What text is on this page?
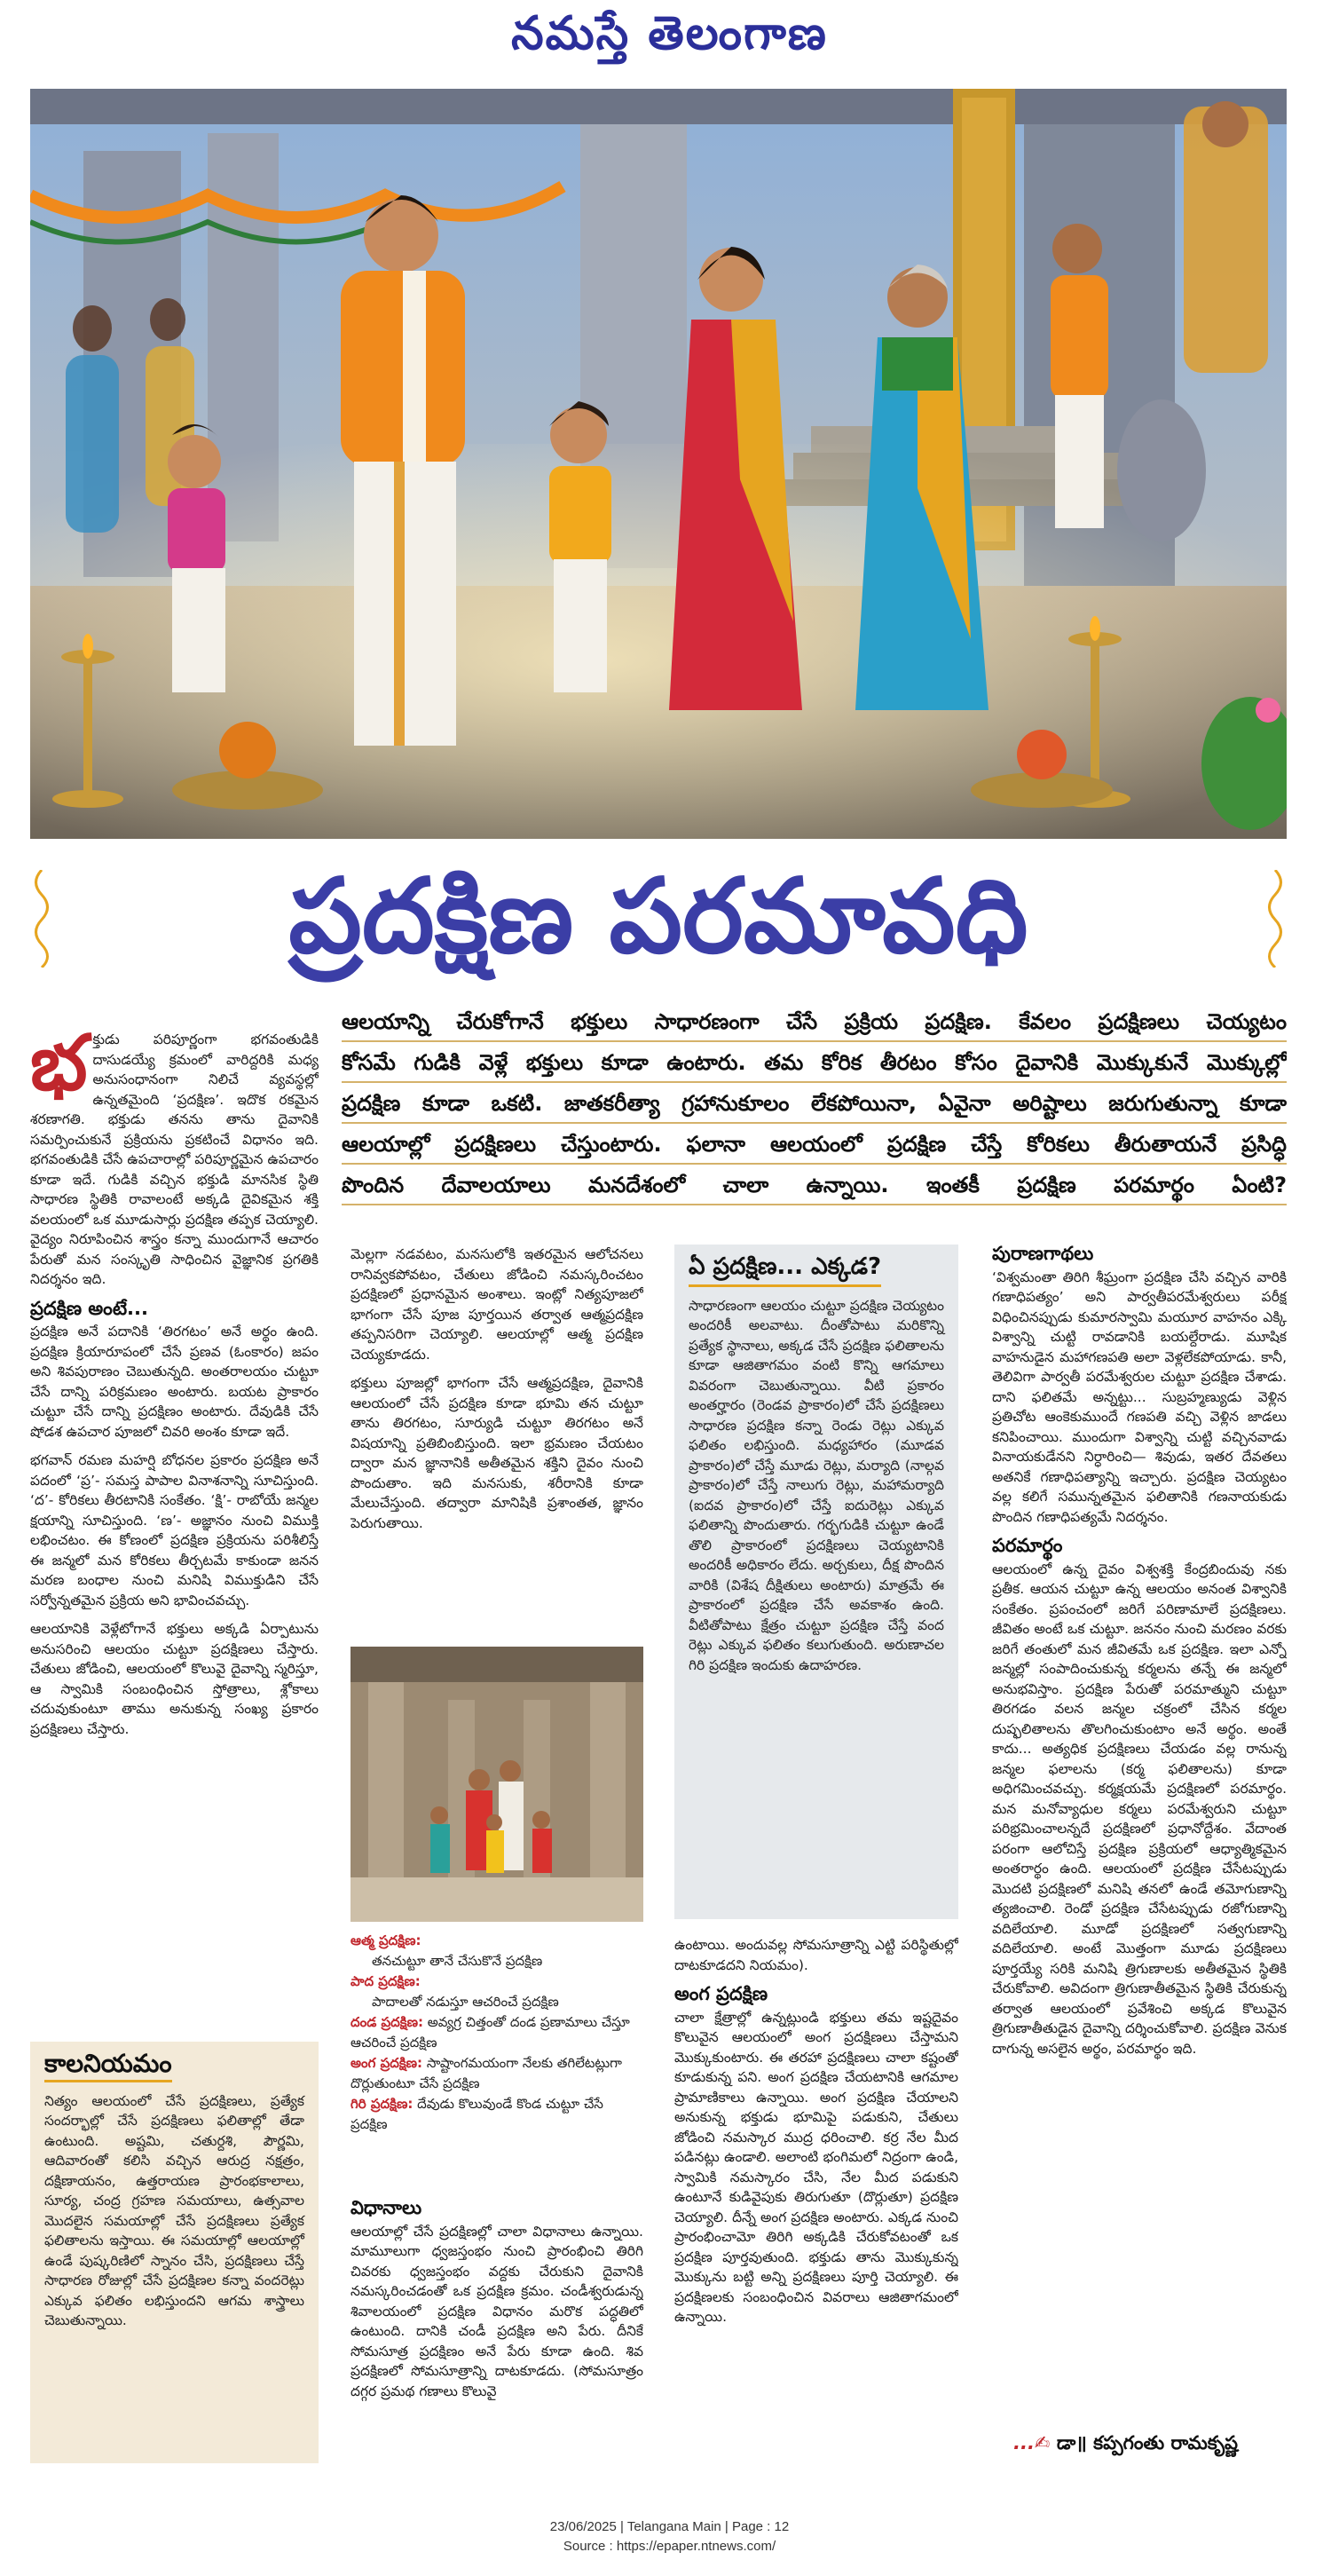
నమస్తే తెలంగాణ
ప్రదక్షిణ పరమావధి
ఆలయాన్ని చేరుకోగానే భక్తులు సాధారణంగా చేసే ప్రక్రియ ప్రదక్షిణ. కేవలం ప్రదక్షిణలు చెయ్యటం
కోసమే గుడికి వెళ్లే భక్తులు కూడా ఉంటారు. తమ కోరిక తీరటం కోసం దైవానికి మొక్కుకునే మొక్కుల్లో
ప్రదక్షిణ కూడా ఒకటి. జాతకరీత్యా గ్రహానుకూలం లేకపోయినా, ఏవైనా అరిష్టాలు జరుగుతున్నా కూడా
ఆలయాల్లో ప్రదక్షిణలు చేస్తుంటారు. ఫలానా ఆలయంలో ప్రదక్షిణ చేస్తే కోరికలు తీరుతాయనే ప్రసిద్ధి
పొందిన దేవాలయాలు మనదేశంలో చాలా ఉన్నాయి. ఇంతకీ ప్రదక్షిణ పరమార్థం ఏంటి?

భ క్తుడు పరిపూర్ణంగా భగవంతుడికి దాసుడయ్యే క్రమంలో వారిద్దరికి మధ్య అనుసంధానంగా నిలిచే వ్యవస్థల్లో ఉన్నతమైంది ‘ప్రదక్షిణ’. ఇదొక రకమైన శరణాగతి. భక్తుడు తనను తాను దైవానికి సమర్పించుకునే ప్రక్రియను ప్రకటించే విధానం ఇది. భగవంతుడికి చేసే ఉపచారాల్లో పరిపూర్ణమైన ఉపచారం కూడా ఇదే. గుడికి వచ్చిన భక్తుడి మానసిక స్థితి సాధారణ స్థితికి రావాలంటే అక్కడి దైవికమైన శక్తి వలయంలో ఒక మూడుసార్లు ప్రదక్షిణ తప్పక చెయ్యాలి. వైద్యం నిరూపించిన శాస్త్రం కన్నా ముందుగానే ఆచారం పేరుతో మన సంస్కృతి సాధించిన వైజ్ఞానిక ప్రగతికి నిదర్శనం ఇది.

ప్రదక్షిణ అంటే...

ప్రదక్షిణ అనే పదానికి ‘తిరగటం’ అనే అర్థం ఉంది. ప్రదక్షిణ క్రియారూపంలో చేసే ప్రణవ (ఓంకారం) జపం అని శివపురాణం చెబుతున్నది. అంతరాలయం చుట్టూ చేసే దాన్ని పరిక్రమణం అంటారు. బయట ప్రాకారం చుట్టూ చేసే దాన్ని ప్రదక్షిణం అంటారు. దేవుడికి చేసే షోడశ ఉపచార పూజలో చివరి అంశం కూడా ఇదే.

భగవాన్ రమణ మహర్షి బోధనల ప్రకారం ప్రదక్షిణ అనే పదంలో ‘ప్ర’- సమస్త పాపాల వినాశనాన్ని సూచిస్తుంది. ‘ద’- కోరికలు తీరటానికి సంకేతం. ‘క్షి’- రాబోయే జన్మల క్షయాన్ని సూచిస్తుంది. ‘ణ’- అజ్ఞానం నుంచి విముక్తి లభించటం. ఈ కోణంలో ప్రదక్షిణ ప్రక్రియను పరిశీలిస్తే ఈ జన్మలో మన కోరికలు తీర్చటమే కాకుండా జనన మరణ బంధాల నుంచి మనిషి విముక్తుడిని చేసే సర్వోన్నతమైన ప్రక్రియ అని భావించవచ్చు.

ఆలయానికి వెళ్లేటోగానే భక్తులు అక్కడి ఏర్పాటును అనుసరించి ఆలయం చుట్టూ ప్రదక్షిణలు చేస్తారు. చేతులు జోడించి, ఆలయంలో కొలువై దైవాన్ని స్మరిస్తూ, ఆ స్వామికి సంబంధించిన స్తోత్రాలు, శ్లోకాలు చదువుకుంటూ తాము అనుకున్న సంఖ్య ప్రకారం ప్రదక్షిణలు చేస్తారు.

కాలనియమం

నిత్యం ఆలయంలో చేసే ప్రదక్షిణలు, ప్రత్యేక సందర్భాల్లో చేసే ప్రదక్షిణలు ఫలితాల్లో తేడా ఉంటుంది. అష్టమి, చతుర్దశి, పౌర్ణమి, ఆదివారంతో కలిసి వచ్చిన ఆరుద్ర నక్షత్రం, దక్షిణాయనం, ఉత్తరాయణ ప్రారంభకాలాలు, సూర్య, చంద్ర గ్రహణ సమయాలు, ఉత్సవాల మొదలైన సమయాల్లో చేసే ప్రదక్షిణలు ప్రత్యేక ఫలితాలను ఇస్తాయి. ఈ సమయాల్లో ఆలయాల్లో ఉండే పుష్కరిణిలో స్నానం చేసి, ప్రదక్షిణలు చేస్తే సాధారణ రోజుల్లో చేసే ప్రదక్షిణల కన్నా వందరెట్లు ఎక్కువ ఫలితం లభిస్తుందని ఆగమ శాస్త్రాలు చెబుతున్నాయి.

మెల్లగా నడవటం, మనసులోకి ఇతరమైన ఆలోచనలు రానివ్వకపోవటం, చేతులు జోడించి నమస్కరించటం ప్రదక్షిణలో ప్రధానమైన అంశాలు. ఇంట్లో నిత్యపూజలో భాగంగా చేసే పూజ పూర్తయిన తర్వాత ఆత్మప్రదక్షిణ తప్పనిసరిగా చెయ్యాలి. ఆలయాల్లో ఆత్మ ప్రదక్షిణ చెయ్యకూడదు.

భక్తులు పూజల్లో భాగంగా చేసే ఆత్మప్రదక్షిణ, దైవానికి ఆలయంలో చేసే ప్రదక్షిణ కూడా భూమి తన చుట్టూ తాను తిరగటం, సూర్యుడి చుట్టూ తిరగటం అనే విషయాన్ని ప్రతిబింబిస్తుంది. ఇలా భ్రమణం చేయటం ద్వారా మన జ్ఞానానికి అతీతమైన శక్తిని దైవం నుంచి పొందుతాం. ఇది మనసుకు, శరీరానికి కూడా మేలుచేస్తుంది. తద్వారా మానిషికి ప్రశాంతత, జ్ఞానం పెరుగుతాయి.

ఆత్మ ప్రదక్షిణ:
తనచుట్టూ తానే చేసుకొనే ప్రదక్షిణ
పాద ప్రదక్షిణ:
పాదాలతో నడుస్తూ ఆచరించే ప్రదక్షిణ
దండ ప్రదక్షిణ: అవ్యగ్ర చిత్తంతో దండ ప్రణామాలు చేస్తూ ఆచరించే ప్రదక్షిణ
అంగ ప్రదక్షిణ: సాష్టాంగమయంగా నేలకు తగిలేటట్లుగా దొర్లుతుంటూ చేసే ప్రదక్షిణ
గిరి ప్రదక్షిణ: దేవుడు కొలువుండే కొండ చుట్టూ చేసే ప్రదక్షిణ
విధానాలు

ఆలయాల్లో చేసే ప్రదక్షిణల్లో చాలా విధానాలు ఉన్నాయి. మామూలుగా ధ్వజస్తంభం నుంచి ప్రారంభించి తిరిగి చివరకు ధ్వజస్తంభం వద్దకు చేరుకుని దైవానికి నమస్కరించడంతో ఒక ప్రదక్షిణ క్రమం. చండీశ్వరుడున్న శివాలయంలో ప్రదక్షిణ విధానం మరొక పద్ధతిలో ఉంటుంది. దానికి చండీ ప్రదక్షిణ అని పేరు. దీనికే సోమసూత్ర ప్రదక్షిణం అనే పేరు కూడా ఉంది. శివ ప్రదక్షిణలో సోమసూత్రాన్ని దాటకూడదు. (సోమసూత్రం దగ్గర ప్రమథ గణాలు కొలువై

ఏ ప్రదక్షిణ... ఎక్కడ?

సాధారణంగా ఆలయం చుట్టూ ప్రదక్షిణ చెయ్యటం అందరికీ అలవాటు. దీంతోపాటు మరికొన్ని ప్రత్యేక స్థానాలు, అక్కడ చేసే ప్రదక్షిణ ఫలితాలను కూడా ఆజితాగమం వంటి కొన్ని ఆగమాలు వివరంగా చెబుతున్నాయి. వీటి ప్రకారం అంతర్హారం (రెండవ ప్రాకారం)లో చేసే ప్రదక్షిణలు సాధారణ ప్రదక్షిణ కన్నా రెండు రెట్లు ఎక్కువ ఫలితం లభిస్తుంది. మధ్యహారం (మూడవ ప్రాకారం)లో చేస్తే మూడు రెట్లు, మర్యాది (నాల్గవ ప్రాకారం)లో చేస్తే నాలుగు రెట్లు, మహామర్యాది (ఐదవ ప్రాకారం)లో చేస్తే ఐదురెట్లు ఎక్కువ ఫలితాన్ని పొందుతారు. గర్భగుడికి చుట్టూ ఉండే తొలి ప్రాకారంలో ప్రదక్షిణలు చెయ్యటానికి అందరికీ అధికారం లేదు. అర్చకులు, దీక్ష పొందిన వారికి (విశేష దీక్షితులు అంటారు) మాత్రమే ఈ ప్రాకారంలో ప్రదక్షిణ చేసే అవకాశం ఉంది. వీటితోపాటు క్షేత్రం చుట్టూ ప్రదక్షిణ చేస్తే వంద రెట్లు ఎక్కువ ఫలితం కలుగుతుంది. అరుణాచల గిరి ప్రదక్షిణ ఇందుకు ఉదాహరణ.

ఉంటాయి. అందువల్ల సోమసూత్రాన్ని ఎట్టి పరిస్థితుల్లో దాటకూడదని నియమం).

అంగ ప్రదక్షిణ

చాలా క్షేత్రాల్లో ఉన్నట్లుండి భక్తులు తమ ఇష్టదైవం కొలువైన ఆలయంలో అంగ ప్రదక్షిణలు చేస్తామని మొక్కుకుంటారు. ఈ తరహా ప్రదక్షిణలు చాలా కష్టంతో కూడుకున్న పని. అంగ ప్రదక్షిణ చేయటానికి ఆగమాల ప్రామాణికాలు ఉన్నాయి. అంగ ప్రదక్షిణ చేయాలని అనుకున్న భక్తుడు భూమిపై పడుకుని, చేతులు జోడించి నమస్కార ముద్ర ధరించాలి. కర్ర నేల మీద పడినట్లు ఉండాలి. అలాంటి భంగిమలో నిద్రంగా ఉండి, స్వామికి నమస్కారం చేసి, నేల మీద పడుకుని ఉంటూనే కుడివైపుకు తిరుగుతూ (దొర్లుతూ) ప్రదక్షిణ చెయ్యాలి. దీన్నే అంగ ప్రదక్షిణ అంటారు. ఎక్కడ నుంచి ప్రారంభించామో తిరిగి అక్కడికి చేరుకోవటంతో ఒక ప్రదక్షిణ పూర్తవుతుంది. భక్తుడు తాను మొక్కుకున్న మొక్కును బట్టి అన్ని ప్రదక్షిణలు పూర్తి చెయ్యాలి. ఈ ప్రదక్షిణలకు సంబంధించిన వివరాలు ఆజితాగమంలో ఉన్నాయి.

పురాణగాథలు

‘విశ్వమంతా తిరిగి శీఘ్రంగా ప్రదక్షిణ చేసి వచ్చిన వారికి గణాధిపత్యం’ అని పార్వతీపరమేశ్వరులు పరీక్ష విధించినప్పుడు కుమారస్వామి మయూర వాహనం ఎక్కి విశ్వాన్ని చుట్టి రావడానికి బయల్దేరాడు. మూషిక వాహనుడైన మహాగణపతి అలా వెళ్లలేకపోయాడు. కానీ, తెలివిగా పార్వతీ పరమేశ్వరుల చుట్టూ ప్రదక్షిణ చేశాడు. దాని ఫలితమే అన్నట్టు... సుబ్రహ్మణ్యుడు వెళ్లిన ప్రతిచోట ఆంకెకుముందే గణపతి వచ్చి వెళ్లిన జాడలు కనిపించాయి. ముందుగా విశ్వాన్ని చుట్టి వచ్చినవాడు వినాయకుడేనని నిర్ధారించి— శివుడు, ఇతర దేవతలు అతనికే గణాధిపత్యాన్ని ఇచ్చారు. ప్రదక్షిణ చెయ్యటం వల్ల కలిగే సమున్నతమైన ఫలితానికి గణనాయకుడు పొందిన గణాధిపత్యమే నిదర్శనం.

పరమార్థం

ఆలయంలో ఉన్న దైవం విశ్వశక్తి కేంద్రబిందువు నకు ప్రతీక. ఆయన చుట్టూ ఉన్న ఆలయం అనంత విశ్వానికి సంకేతం. ప్రపంచంలో జరిగే పరిణామాలే ప్రదక్షిణలు. జీవితం అంటే ఒక చుట్టూ. జననం నుంచి మరణం వరకు జరిగే తంతులో మన జీవితమే ఒక ప్రదక్షిణ. ఇలా ఎన్నో జన్మల్లో సంపాదించుకున్న కర్మలను తన్నే ఈ జన్మలో అనుభవిస్తాం. ప్రదక్షిణ పేరుతో పరమాత్ముని చుట్టూ తిరగడం వలన జన్మల చక్రంలో చేసిన కర్మల దుష్ఫలితాలను తొలగించుకుంటాం అనే అర్థం. అంతే కాదు... అత్యధిక ప్రదక్షిణలు చేయడం వల్ల రానున్న జన్మల ఫలాలను (కర్మ ఫలితాలను) కూడా అధిగమించవచ్చు. కర్మక్షయమే ప్రదక్షిణలో పరమార్థం. మన మనోవ్యాధుల కర్మలు పరమేశ్వరుని చుట్టూ పరిభ్రమించాలన్నదే ప్రదక్షిణలో ప్రధానోద్దేశం. వేదాంత పరంగా ఆలోచిస్తే ప్రదక్షిణ ప్రక్రియలో ఆధ్యాత్మికమైన అంతరార్థం ఉంది. ఆలయంలో ప్రదక్షిణ చేసేటప్పుడు మొదటి ప్రదక్షిణలో మనిషి తనలో ఉండే తమోగుణాన్ని త్యజించాలి. రెండో ప్రదక్షిణ చేసేటప్పుడు రజోగుణాన్ని వదిలేయాలి. మూడో ప్రదక్షిణలో సత్వగుణాన్ని వదిలేయాలి. అంటే మొత్తంగా మూడు ప్రదక్షిణలు పూర్తయ్యే సరికి మనిషి త్రిగుణాలకు అతీతమైన స్థితికి చేరుకోవాలి. అవిదంగా త్రిగుణాతీతమైన స్థితికి చేరుకున్న తర్వాత ఆలయంలో ప్రవేశించి అక్కడ కొలువైన త్రిగుణాతీతుడైన దైవాన్ని దర్శించుకోవాలి. ప్రదక్షిణ వెనుక దాగున్న అసలైన అర్థం, పరమార్థం ఇది.

...✍ డా॥ కప్పగంతు రామకృష్ణ
23/06/2025 | Telangana Main | Page : 12
Source : https://epaper.ntnews.com/
